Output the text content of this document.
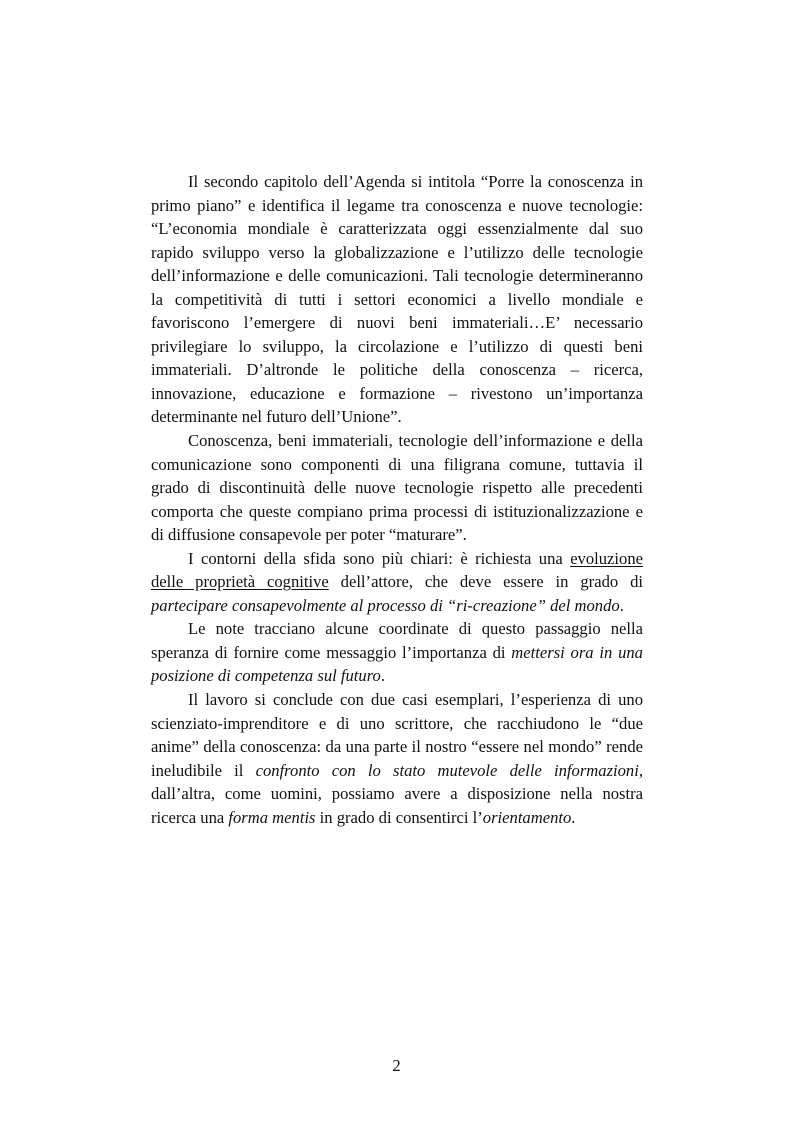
Il secondo capitolo dell’Agenda si intitola “Porre la conoscenza in primo piano” e identifica il legame tra conoscenza e nuove tecnologie: “L’economia mondiale è caratterizzata oggi essenzialmente dal suo rapido sviluppo verso la globalizzazione e l’utilizzo delle tecnologie dell’informazione e delle comunicazioni. Tali tecnologie determineranno la competitività di tutti i settori economici a livello mondiale e favoriscono l’emergere di nuovi beni immateriali…E’ necessario privilegiare lo sviluppo, la circolazione e l’utilizzo di questi beni immateriali. D’altronde le politiche della conoscenza – ricerca, innovazione, educazione e formazione – rivestono un’importanza determinante nel futuro dell’Unione”.

Conoscenza, beni immateriali, tecnologie dell’informazione e della comunicazione sono componenti di una filigrana comune, tuttavia il grado di discontinuità delle nuove tecnologie rispetto alle precedenti comporta che queste compiano prima processi di istituzionalizzazione e di diffusione consapevole per poter “maturare”.

I contorni della sfida sono più chiari: è richiesta una evoluzione delle proprietà cognitive dell’attore, che deve essere in grado di partecipare consapevolmente al processo di “ri-creazione” del mondo.

Le note tracciano alcune coordinate di questo passaggio nella speranza di fornire come messaggio l’importanza di mettersi ora in una posizione di competenza sul futuro.

Il lavoro si conclude con due casi esemplari, l’esperienza di uno scienziato-imprenditore e di uno scrittore, che racchiudono le “due anime” della conoscenza: da una parte il nostro “essere nel mondo” rende ineludibile il confronto con lo stato mutevole delle informazioni, dall’altra, come uomini, possiamo avere a disposizione nella nostra ricerca una forma mentis in grado di consentirci l’orientamento.

2
